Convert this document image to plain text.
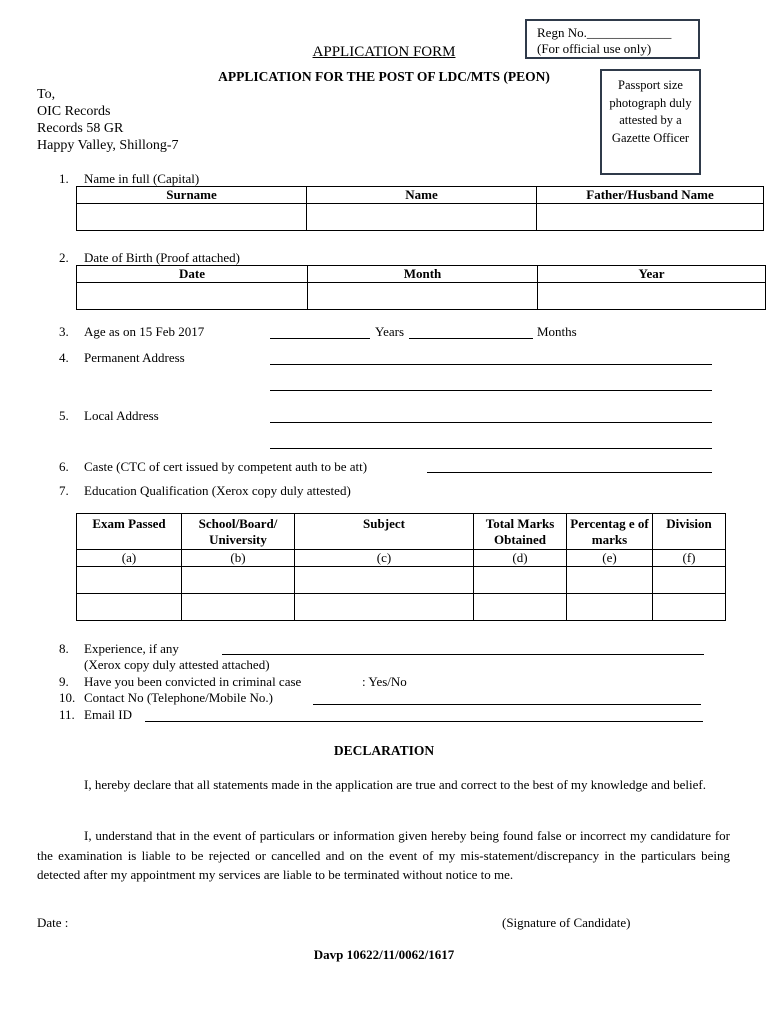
Regn No._____________
(For official use only)
Passport size photograph duly attested by a Gazette Officer
APPLICATION FORM
APPLICATION FOR THE POST OF LDC/MTS (PEON)
To,
OIC Records
Records 58 GR
Happy Valley, Shillong-7
1. Name in full (Capital)
Surname	Name	Father/Husband Name

2. Date of Birth (Proof attached)
Date	Month	Year

3. Age as on 15 Feb 2017	Years	Months
4. Permanent Address
5. Local Address
6. Caste (CTC of cert issued by competent auth to be att)
7. Education Qualification (Xerox copy duly attested)
Exam Passed	School/Board/ University	Subject	Total Marks Obtained	Percentag e of marks	Division
(a)	(b)	(c)	(d)	(e)	(f)

8. Experience, if any
(Xerox copy duly attested attached)
9. Have you been convicted in criminal case	: Yes/No
10. Contact No (Telephone/Mobile No.)
11. Email ID
DECLARATION
I, hereby declare that all statements made in the application are true and correct to the best of my knowledge and belief.
I, understand that in the event of particulars or information given hereby being found false or incorrect my candidature for the examination is liable to be rejected or cancelled and on the event of my mis-statement/discrepancy in the particulars being detected after my appointment my services are liable to be terminated without notice to me.
Date :	(Signature of Candidate)
Davp 10622/11/0062/1617
